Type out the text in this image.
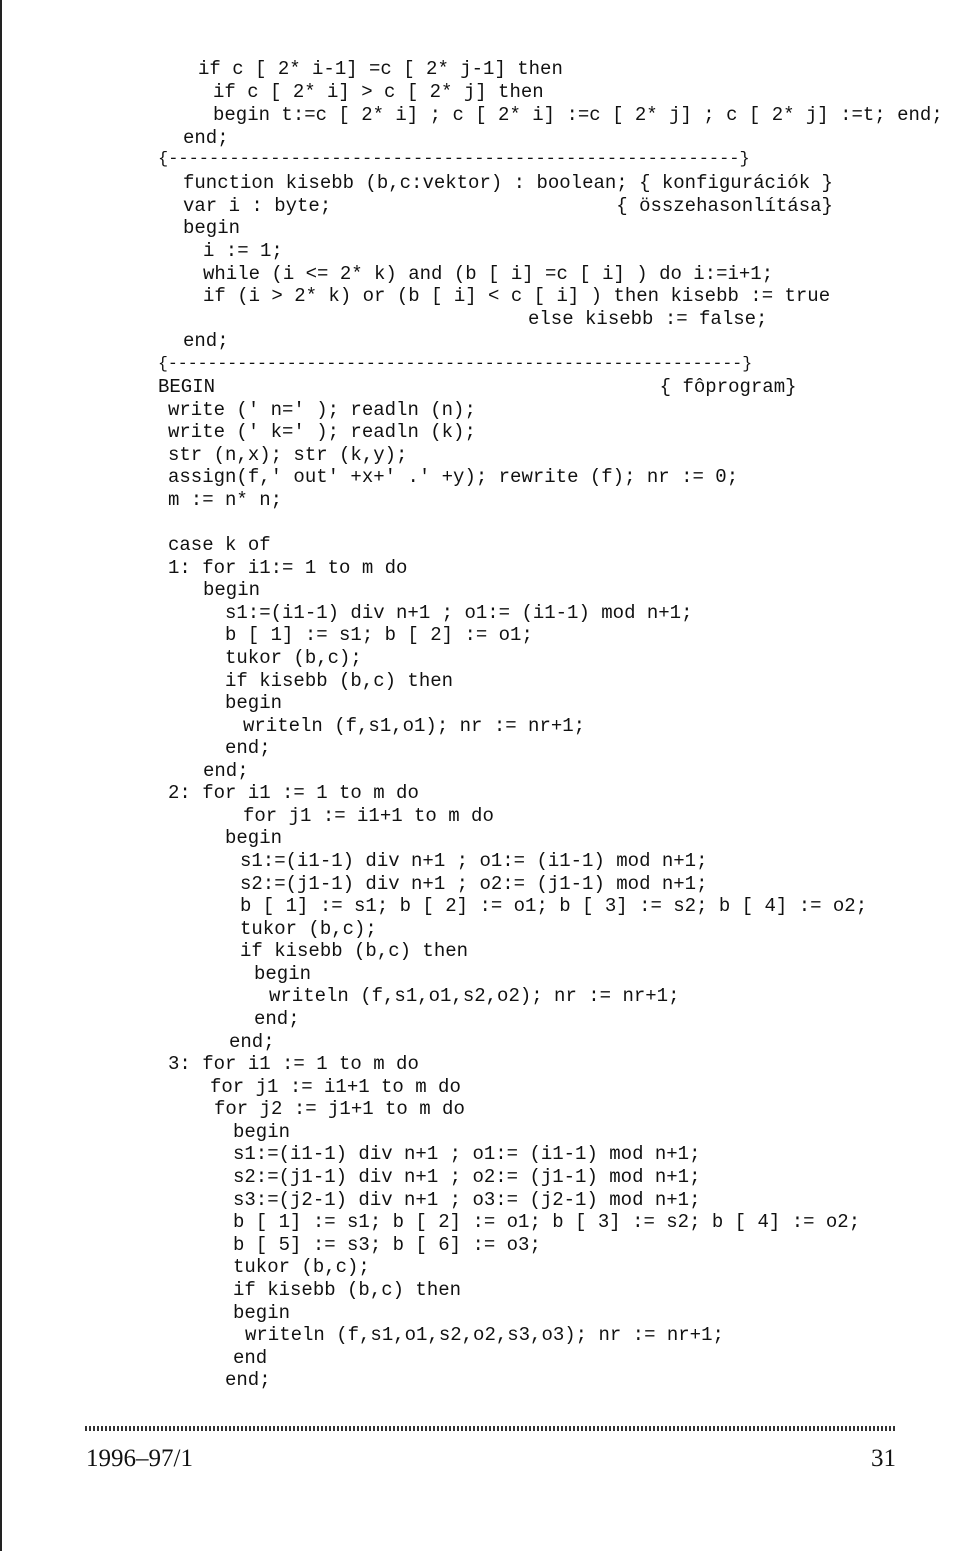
if c [ 2* i-1] =c [ 2* j-1] then
if c [ 2* i] > c [ 2* j] then
begin t:=c [ 2* i] ; c [ 2* i] :=c [ 2* j] ; c [ 2* j] :=t; end;
end;
{--------------------------------------------------------}
function kisebb (b,c:vektor) : boolean; { konfigurációk }
var i : byte;                         { összehasonlítása}
begin
i := 1;
while (i <= 2* k) and (b [ i] =c [ i] ) do i:=i+1;
if (i > 2* k) or (b [ i] < c [ i] ) then kisebb := true
else kisebb := false;
end;
{----------------------------------------------------------}
BEGIN                                       { fôprogram}
write (' n=' ); readln (n);
write (' k=' ); readln (k);
str (n,x); str (k,y);
assign(f,' out' +x+' .' +y); rewrite (f); nr := 0;
m := n* n;
case k of
1: for i1:= 1 to m do
begin
s1:=(i1-1) div n+1 ; o1:= (i1-1) mod n+1;
b [ 1] := s1; b [ 2] := o1;
tukor (b,c);
if kisebb (b,c) then
begin
writeln (f,s1,o1); nr := nr+1;
end;
end;
2: for i1 := 1 to m do
for j1 := i1+1 to m do
begin
s1:=(i1-1) div n+1 ; o1:= (i1-1) mod n+1;
s2:=(j1-1) div n+1 ; o2:= (j1-1) mod n+1;
b [ 1] := s1; b [ 2] := o1; b [ 3] := s2; b [ 4] := o2;
tukor (b,c);
if kisebb (b,c) then
begin
writeln (f,s1,o1,s2,o2); nr := nr+1;
end;
end;
3: for i1 := 1 to m do
for j1 := i1+1 to m do
for j2 := j1+1 to m do
begin
s1:=(i1-1) div n+1 ; o1:= (i1-1) mod n+1;
s2:=(j1-1) div n+1 ; o2:= (j1-1) mod n+1;
s3:=(j2-1) div n+1 ; o3:= (j2-1) mod n+1;
b [ 1] := s1; b [ 2] := o1; b [ 3] := s2; b [ 4] := o2;
b [ 5] := s3; b [ 6] := o3;
tukor (b,c);
if kisebb (b,c) then
begin
writeln (f,s1,o1,s2,o2,s3,o3); nr := nr+1;
end
end;
1996–97/1	31
